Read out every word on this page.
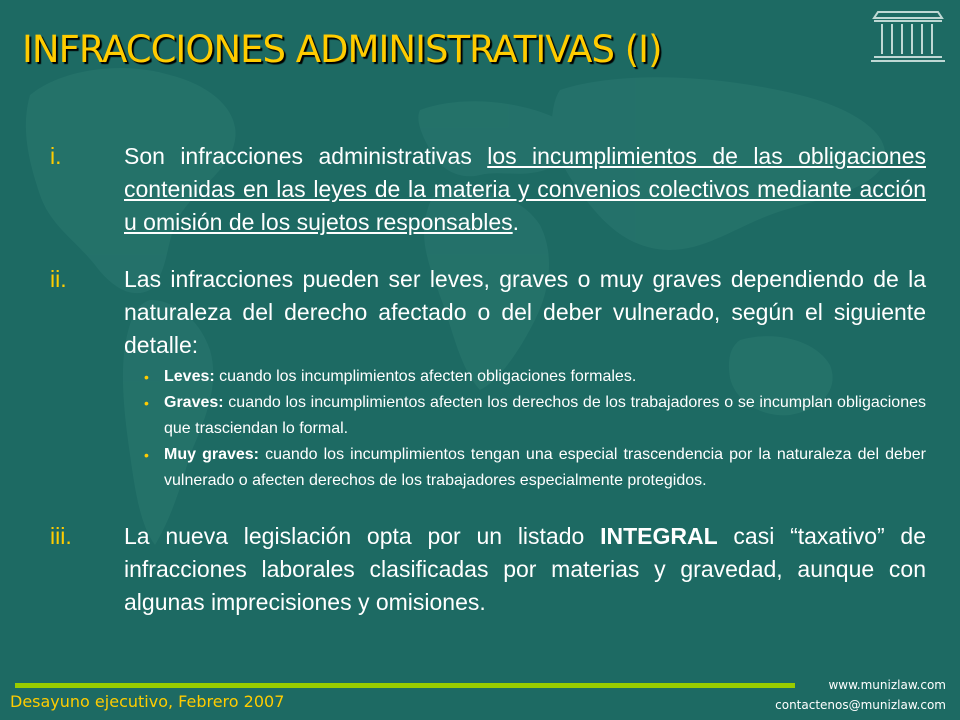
INFRACCIONES ADMINISTRATIVAS (I)
i.	Son infracciones administrativas los incumplimientos de las obligaciones contenidas en las leyes de la materia y convenios colectivos mediante acción u omisión de los sujetos responsables.
ii.	Las infracciones pueden ser leves, graves o muy graves dependiendo de la naturaleza del derecho afectado o del deber vulnerado, según el siguiente detalle:
• Leves: cuando los incumplimientos afecten obligaciones formales.
• Graves: cuando los incumplimientos afecten los derechos de los trabajadores o se incumplan obligaciones que trasciendan lo formal.
• Muy graves: cuando los incumplimientos tengan una especial trascendencia por la naturaleza del deber vulnerado o afecten derechos de los trabajadores especialmente protegidos.
iii.	La nueva legislación opta por un listado INTEGRAL casi “taxativo” de infracciones laborales clasificadas por materias y gravedad, aunque con algunas imprecisiones y omisiones.
Desayuno ejecutivo, Febrero 2007
www.munizlaw.com
contactenos@munizlaw.com
